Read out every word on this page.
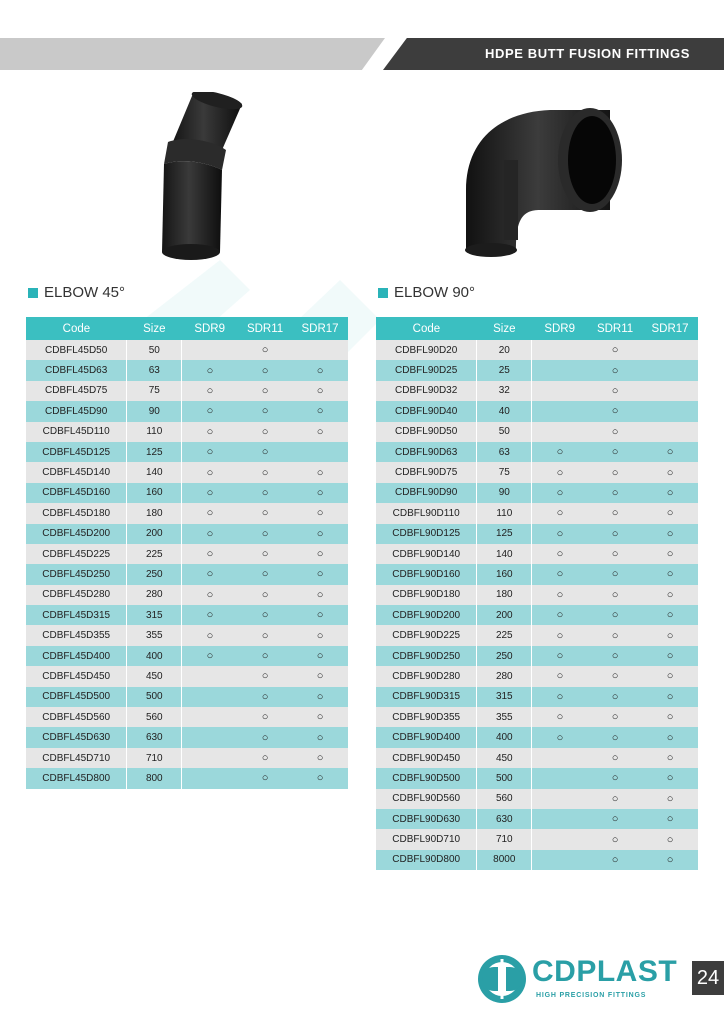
HDPE BUTT FUSION FITTINGS
ELBOW 45°	ELBOW 90°
Code	Size	SDR9	SDR11	SDR17
CDBFL45D50	50		○	
CDBFL45D63	63	○	○	○
CDBFL45D75	75	○	○	○
CDBFL45D90	90	○	○	○
CDBFL45D110	110	○	○	○
CDBFL45D125	125	○	○	
CDBFL45D140	140	○	○	○
CDBFL45D160	160	○	○	○
CDBFL45D180	180	○	○	○
CDBFL45D200	200	○	○	○
CDBFL45D225	225	○	○	○
CDBFL45D250	250	○	○	○
CDBFL45D280	280	○	○	○
CDBFL45D315	315	○	○	○
CDBFL45D355	355	○	○	○
CDBFL45D400	400	○	○	○
CDBFL45D450	450		○	○
CDBFL45D500	500		○	○
CDBFL45D560	560		○	○
CDBFL45D630	630		○	○
CDBFL45D710	710		○	○
CDBFL45D800	800		○	○
Code	Size	SDR9	SDR11	SDR17
CDBFL90D20	20		○	
CDBFL90D25	25		○	
CDBFL90D32	32		○	
CDBFL90D40	40		○	
CDBFL90D50	50		○	
CDBFL90D63	63	○	○	○
CDBFL90D75	75	○	○	○
CDBFL90D90	90	○	○	○
CDBFL90D110	110	○	○	○
CDBFL90D125	125	○	○	○
CDBFL90D140	140	○	○	○
CDBFL90D160	160	○	○	○
CDBFL90D180	180	○	○	○
CDBFL90D200	200	○	○	○
CDBFL90D225	225	○	○	○
CDBFL90D250	250	○	○	○
CDBFL90D280	280	○	○	○
CDBFL90D315	315	○	○	○
CDBFL90D355	355	○	○	○
CDBFL90D400	400	○	○	○
CDBFL90D450	450		○	○
CDBFL90D500	500		○	○
CDBFL90D560	560		○	○
CDBFL90D630	630		○	○
CDBFL90D710	710		○	○
CDBFL90D800	8000		○	○
CDPLAST
HIGH PRECISION FITTINGS
24
